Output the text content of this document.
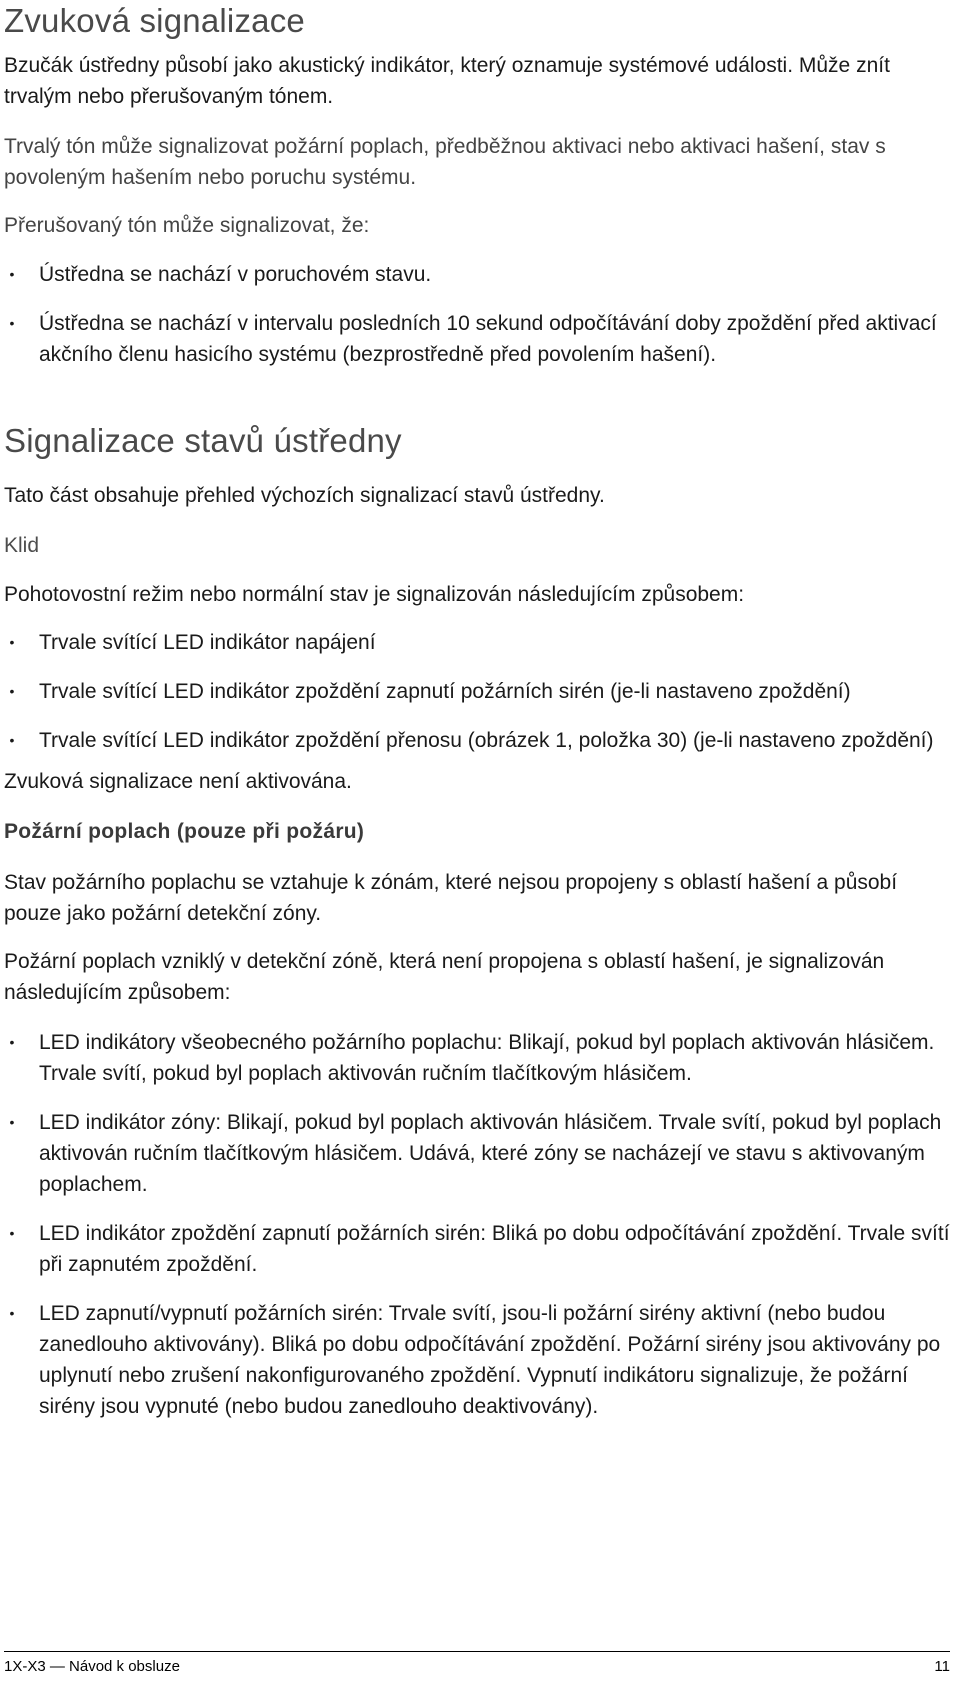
Zvuková signalizace

Bzučák ústředny působí jako akustický indikátor, který oznamuje systémové události. Může znít trvalým nebo přerušovaným tónem.

Trvalý tón může signalizovat požární poplach, předběžnou aktivaci nebo aktivaci hašení, stav s povoleným hašením nebo poruchu systému.

Přerušovaný tón může signalizovat, že:

• Ústředna se nachází v poruchovém stavu.
• Ústředna se nachází v intervalu posledních 10 sekund odpočítávání doby zpoždění před aktivací akčního členu hasicího systému (bezprostředně před povolením hašení).
Signalizace stavů ústředny

Tato část obsahuje přehled výchozích signalizací stavů ústředny.

Klid

Pohotovostní režim nebo normální stav je signalizován následujícím způsobem:

• Trvale svítící LED indikátor napájení
• Trvale svítící LED indikátor zpoždění zapnutí požárních sirén (je-li nastaveno zpoždění)
• Trvale svítící LED indikátor zpoždění přenosu (obrázek 1, položka 30) (je-li nastaveno zpoždění)

Zvuková signalizace není aktivována.

Požární poplach (pouze při požáru)

Stav požárního poplachu se vztahuje k zónám, které nejsou propojeny s oblastí hašení a působí pouze jako požární detekční zóny.

Požární poplach vzniklý v detekční zóně, která není propojena s oblastí hašení, je signalizován následujícím způsobem:

• LED indikátory všeobecného požárního poplachu: Blikají, pokud byl poplach aktivován hlásičem. Trvale svítí, pokud byl poplach aktivován ručním tlačítkovým hlásičem.
• LED indikátor zóny: Blikají, pokud byl poplach aktivován hlásičem. Trvale svítí, pokud byl poplach aktivován ručním tlačítkovým hlásičem. Udává, které zóny se nacházejí ve stavu s aktivovaným poplachem.
• LED indikátor zpoždění zapnutí požárních sirén: Bliká po dobu odpočítávání zpoždění. Trvale svítí při zapnutém zpoždění.
• LED zapnutí/vypnutí požárních sirén: Trvale svítí, jsou-li požární sirény aktivní (nebo budou zanedlouho aktivovány). Bliká po dobu odpočítávání zpoždění. Požární sirény jsou aktivovány po uplynutí nebo zrušení nakonfigurovaného zpoždění. Vypnutí indikátoru signalizuje, že požární sirény jsou vypnuté (nebo budou zanedlouho deaktivovány).
1X-X3 — Návod k obsluze	11
